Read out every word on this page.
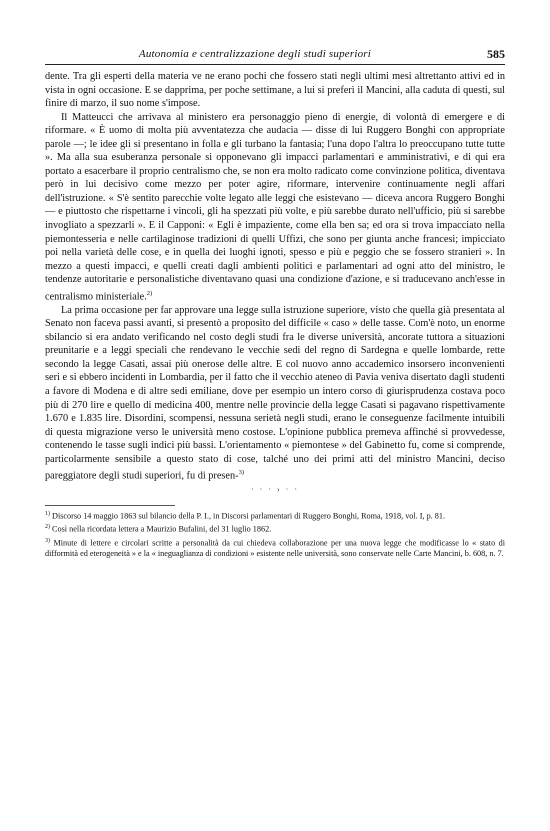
Autonomia e centralizzazione degli studi superiori	585

dente. Tra gli esperti della materia ve ne erano pochi che fossero stati negli ultimi mesi altrettanto attivi ed in vista in ogni occasione. E se dapprima, per poche settimane, a lui si preferì il Mancini, alla caduta di questi, sul finire di marzo, il suo nome s'impose.

Il Matteucci che arrivava al ministero era personaggio pieno di energie, di volontà di emergere e di riformare. « È uomo di molta più avventatezza che audacia — disse di lui Ruggero Bonghi con appropriate parole —; le idee gli si presentano in folla e gli turbano la fantasia; l'una dopo l'altra lo preoccupano tutte tutte ». Ma alla sua esuberanza personale si opponevano gli impacci parlamentari e amministrativi, e di qui era portato a esacerbare il proprio centralismo che, se non era molto radicato come convinzione politica, diventava però in lui decisivo come mezzo per poter agire, riformare, intervenire continuamente negli affari dell'istruzione. « S'è sentito parecchie volte legato alle leggi che esistevano — diceva ancora Ruggero Bonghi — e piuttosto che rispettarne i vincoli, gli ha spezzati più volte, e più sarebbe durato nell'ufficio, più si sarebbe invogliato a spezzarli ». E il Capponi: « Egli è impaziente, come ella ben sa; ed ora si trova impacciato nella piemontesseria e nelle cartilaginose tradizioni di quelli Uffizi, che sono per giunta anche francesi; impicciato poi nella varietà delle cose, e in quella dei luoghi ignoti, spesso e più e peggio che se fossero stranieri ». In mezzo a questi impacci, e quelli creati dagli ambienti politici e parlamentari ad ogni atto del ministro, le tendenze autoritarie e personalistiche diventavano quasi una condizione d'azione, e si traducevano anch'esse in centralismo ministeriale.$^{2)}$

La prima occasione per far approvare una legge sulla istruzione superiore, visto che quella già presentata al Senato non faceva passi avanti, si presentò a proposito del difficile « caso » delle tasse. Com'è noto, un enorme sbilancio si era andato verificando nel costo degli studi fra le diverse università, ancorate tuttora a situazioni preunitarie e a leggi speciali che rendevano le vecchie sedi del regno di Sardegna e quelle lombarde, rette secondo la legge Casati, assai più onerose delle altre. E col nuovo anno accademico insorsero inconvenienti seri e si ebbero incidenti in Lombardia, per il fatto che il vecchio ateneo di Pavia veniva disertato dagli studenti a favore di Modena e di altre sedi emiliane, dove per esempio un intero corso di giurisprudenza costava poco più di 270 lire e quello di medicina 400, mentre nelle provincie della legge Casati si pagavano rispettivamente 1.670 e 1.835 lire. Disordini, scompensi, nessuna serietà negli studi, erano le conseguenze facilmente intuibili di questa migrazione verso le università meno costose. L'opinione pubblica premeva affinché si provvedesse, contenendo le tasse sugli indici più bassi. L'orientamento « piemontese » del Gabinetto fu, come si comprende, particolarmente sensibile a questo stato di cose, talché uno dei primi atti del ministro Mancini, deciso pareggiatore degli studi superiori, fu di presen-$^{3)}$

· · · › · ·

$^{1)}$ Discorso 14 maggio 1863 sul bilancio della P. I., in Discorsi parlamentari di Ruggero Bonghi, Roma, 1918, vol. I, p. 81.

$^{2)}$ Così nella ricordata lettera a Maurizio Bufalini, del 31 luglio 1862.

$^{3)}$ Minute di lettere e circolari scritte a personalità da cui chiedeva collaborazione per una nuova legge che modificasse lo « stato di difformità ed eterogeneità » e la « ineguaglianza di condizioni » esistente nelle università, sono conservate nelle Carte Mancini, b. 608, n. 7.
